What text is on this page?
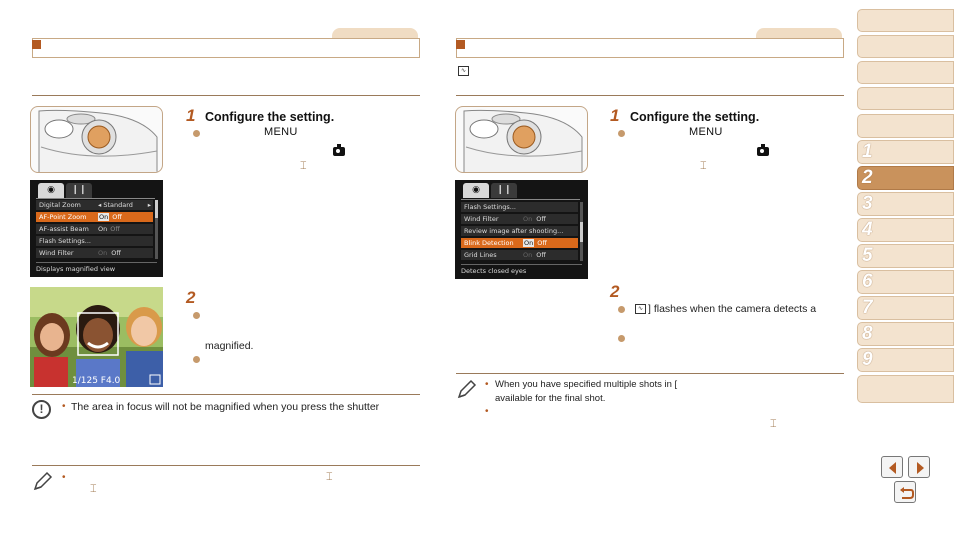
◉	❙❙
Digital Zoom	◂ Standard ▸
AF-Point Zoom On Off
AF-assist Beam On Off
Flash Settings...
Wind Filter	On Off
Displays magnified view
1/125 F4.0
1 Configure the setting.
MENU
⌶
2
magnified.
!	• The area in focus will not be magnified when you press the shutter
•	⌶
⌶
∿
◉	❙❙
Flash Settings...
Wind Filter	On Off
Review image after shooting...
Blink Detection On Off
Grid Lines	On Off
Detects closed eyes
1 Configure the setting.
MENU
⌶
2
∿ ] flashes when the camera detects a
• When you have specified multiple shots in [
available for the final shot.
•
⌶
1
2
3
4
5
6
7
8
9
